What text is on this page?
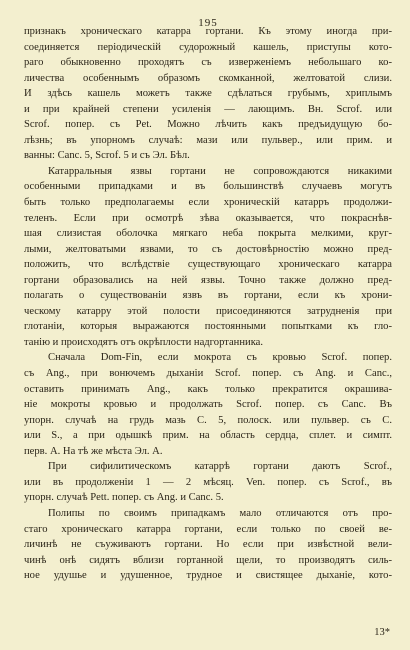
195
признакъ хроническаго катарра гортани. Къ этому иногда при-
соединяется періодическій судорожный кашель, приступы кото-
раго обыкновенно проходятъ съ изверженіемъ небольшаго ко-
личества особеннымъ образомъ скомканной, желтоватой слизи.
И здѣсь кашель можетъ также сдѣлаться грубымъ, хриплымъ
и при крайней степени усиленія — лающимъ. Вн. Scrof. или
Scrof. попер. съ Pet. Можно лѣчить какъ предъидущую бо-
лѣзнь; въ упорномъ случаѣ: мази или пульвер., или прим. и
ванны: Canc. 5, Scrof. 5 и съ Эл. Бѣл.
Катарральныя язвы гортани не сопровождаются никакими
особенными припадками и въ большинствѣ случаевъ могутъ
быть только предполагаемы если хроническій катарръ продолжи-
теленъ. Если при осмотрѣ зѣва оказывается, что покраснѣв-
шая слизистая оболочка мягкаго неба покрыта мелкими, круг-
лыми, желтоватыми язвами, то съ достовѣрностію можно пред-
положить, что вслѣдствіе существующаго хроническаго катарра
гортани образовались на ней язвы. Точно также должно пред-
полагать о существованіи язвъ въ гортани, если къ хрони-
ческому катарру этой полости присоединяются затрудненія при
глотаніи, которыя выражаются постоянными попытками къ гло-
танію и происходятъ отъ окрѣплости надгортанника.
Сначала Dom-Fin, если мокрота съ кровью Scrof. попер.
съ Ang., при вонючемъ дыханіи Scrof. попер. съ Ang. и Canc.,
оставить принимать Ang., какъ только прекратится окрашива-
ніе мокроты кровью и продолжать Scrof. попер. съ Canc. Въ
упорн. случаѣ на грудь мазь C. 5, полоск. или пульвер. съ C.
или S., а при одышкѣ прим. на область сердца, сплет. и симпт.
перв. А. На тѣ же мѣста Эл. А.
При сифилитическомъ катаррѣ гортани даютъ Scrof.,
или въ продолженіи 1 — 2 мѣсяц. Ven. попер. съ Scrof., въ
упорн. случаѣ Pett. попер. съ Ang. и Canc. 5.
Полипы по своимъ припадкамъ мало отличаются отъ про-
стаго хроническаго катарра гортани, если только по своей ве-
личинѣ не съуживаютъ гортани. Но если при извѣстной вели-
чинѣ онѣ сидятъ вблизи гортанной щели, то производятъ силь-
ное удушье и удушенное, трудное и свистящее дыханіе, кото-
13*
